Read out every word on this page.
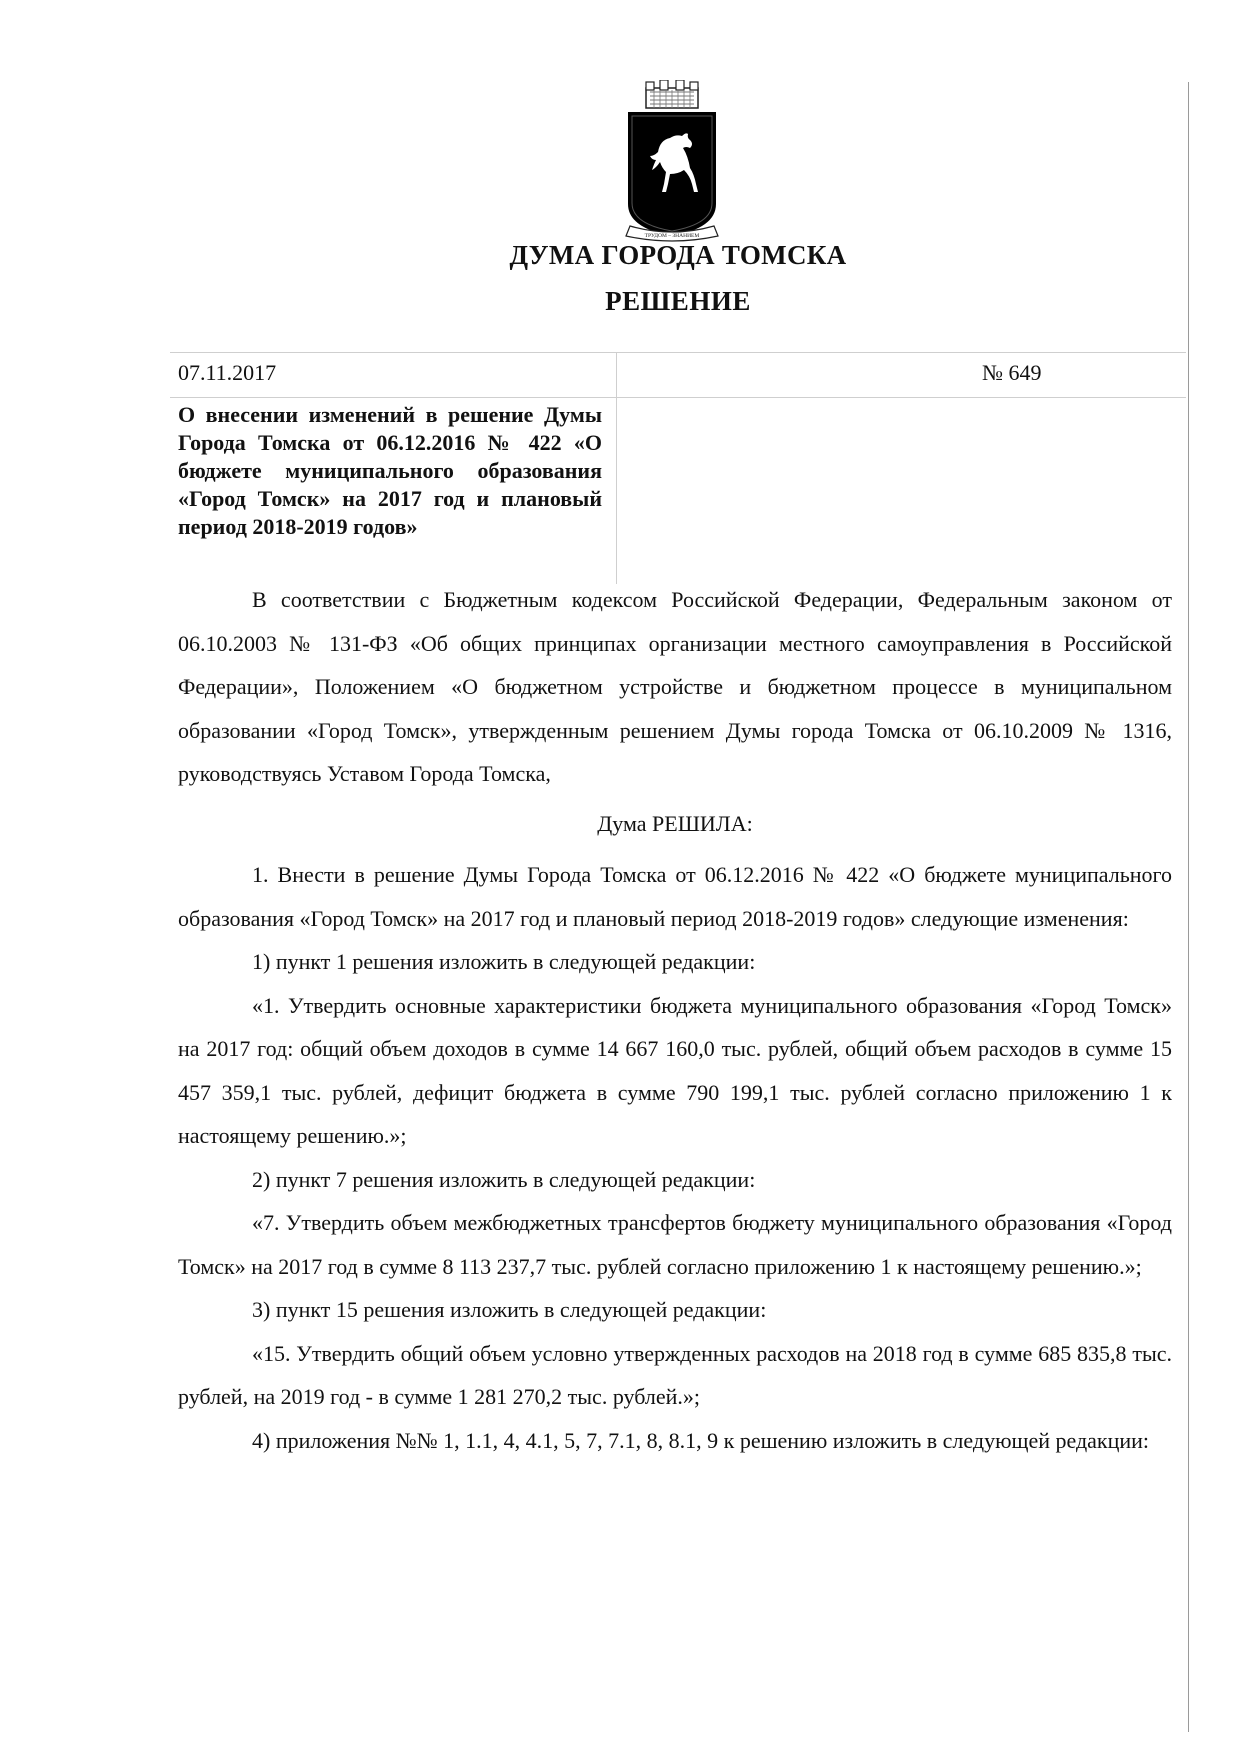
ТРУДОМ – ЗНАНИЕМ
ДУМА ГОРОДА ТОМСКА
РЕШЕНИЕ
07.11.2017	№ 649

О внесении изменений в решение Думы Города Томска от 06.12.2016 № 422 «О бюджете муниципального образования «Город Томск» на 2017 год и плановый период 2018-2019 годов»

В соответствии с Бюджетным кодексом Российской Федерации, Федеральным законом от 06.10.2003 № 131-ФЗ «Об общих принципах организации местного самоуправления в Российской Федерации», Положением «О бюджетном устройстве и бюджетном процессе в муниципальном образовании «Город Томск», утвержденным решением Думы города Томска от 06.10.2009 № 1316, руководствуясь Уставом Города Томска,

Дума РЕШИЛА:

1. Внести в решение Думы Города Томска от 06.12.2016 № 422 «О бюджете муниципального образования «Город Томск» на 2017 год и плановый период 2018-2019 годов» следующие изменения:

1) пункт 1 решения изложить в следующей редакции:

«1. Утвердить основные характеристики бюджета муниципального образования «Город Томск» на 2017 год: общий объем доходов в сумме 14 667 160,0 тыс. рублей, общий объем расходов в сумме 15 457 359,1 тыс. рублей, дефицит бюджета в сумме 790 199,1 тыс. рублей согласно приложению 1 к настоящему решению.»;

2) пункт 7 решения изложить в следующей редакции:

«7. Утвердить объем межбюджетных трансфертов бюджету муниципального образования «Город Томск» на 2017 год в сумме 8 113 237,7 тыс. рублей согласно приложению 1 к настоящему решению.»;

3) пункт 15 решения изложить в следующей редакции:

«15. Утвердить общий объем условно утвержденных расходов на 2018 год в сумме 685 835,8 тыс. рублей, на 2019 год - в сумме 1 281 270,2 тыс. рублей.»;

4) приложения №№ 1, 1.1, 4, 4.1, 5, 7, 7.1, 8, 8.1, 9 к решению изложить в следующей редакции:
